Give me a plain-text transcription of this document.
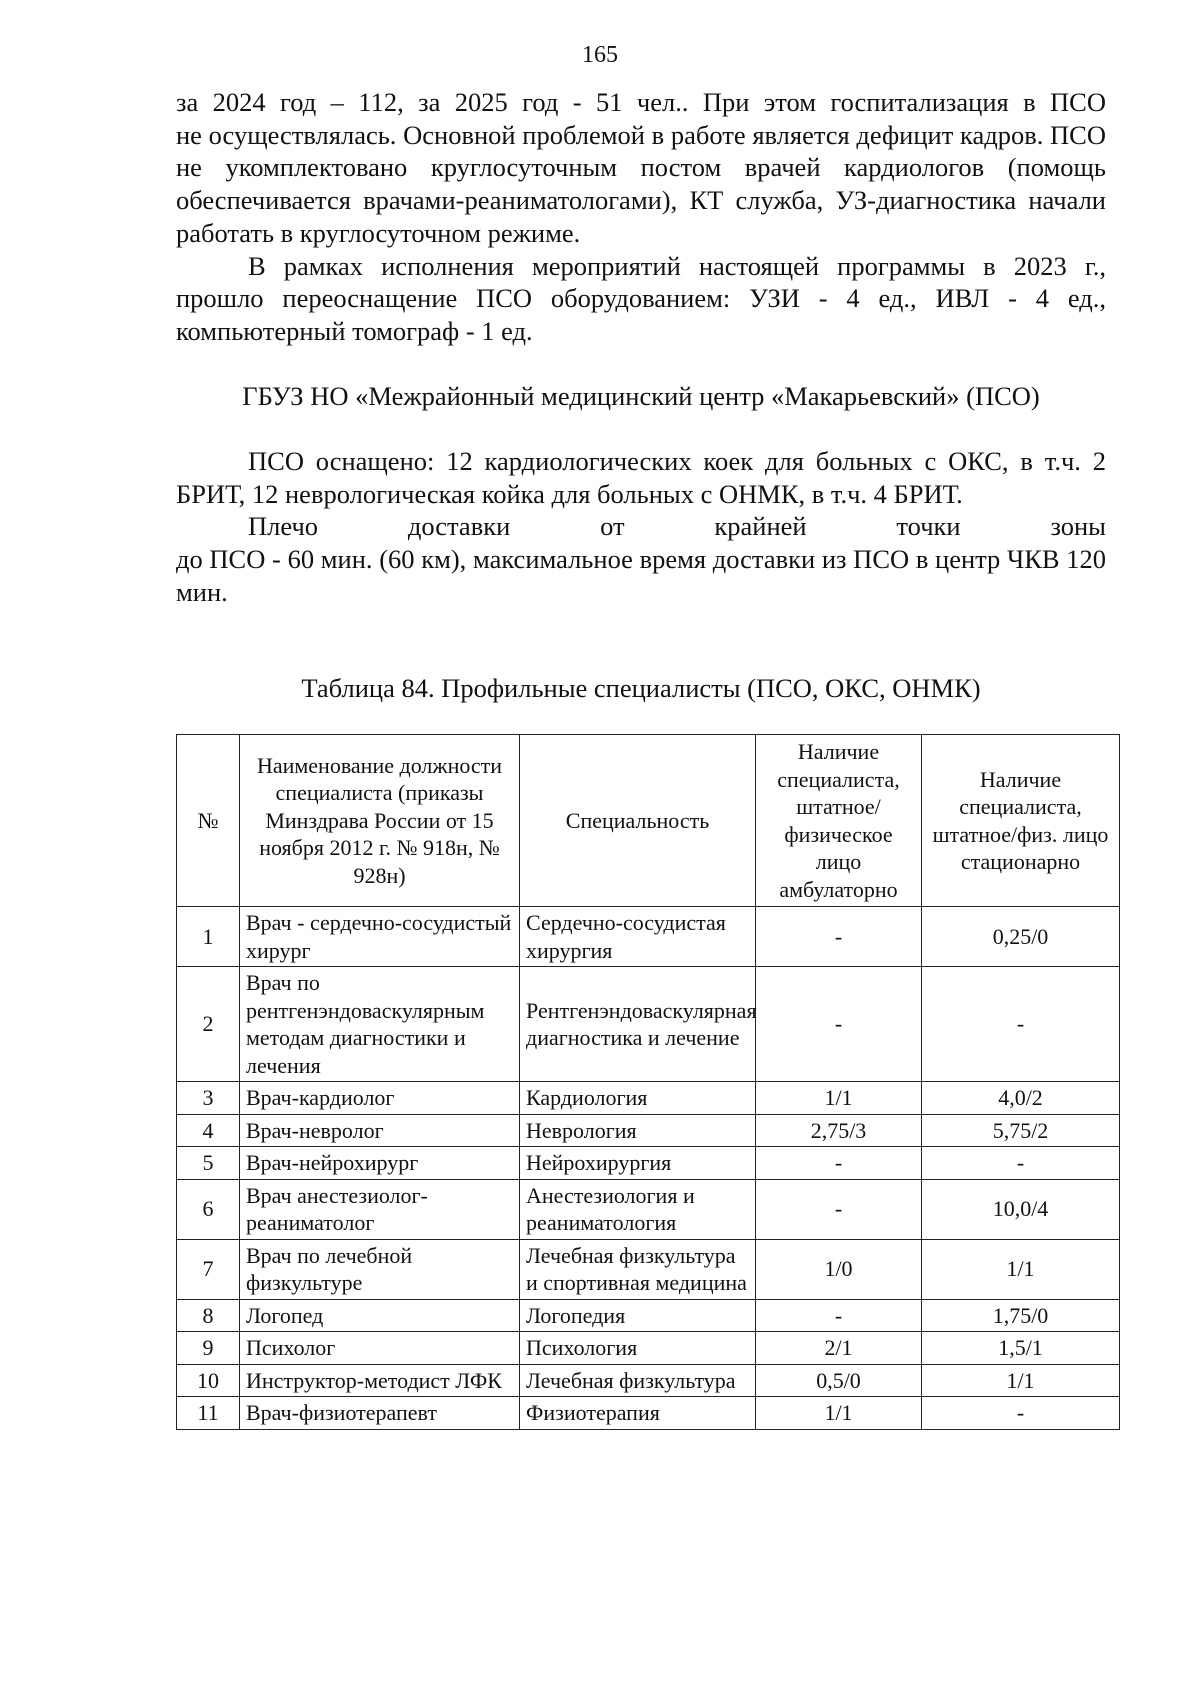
165

за 2024 год – 112, за 2025 год - 51 чел.. При этом госпитализация в ПСО

не осуществлялась. Основной проблемой в работе является дефицит кадров. ПСО не укомплектовано круглосуточным постом врачей кардиологов (помощь обеспечивается врачами-реаниматологами), КТ служба, УЗ-диагностика начали работать в круглосуточном режиме.

В рамках исполнения мероприятий настоящей программы в 2023 г., прошло переоснащение ПСО оборудованием: УЗИ - 4 ед., ИВЛ - 4 ед., компьютерный томограф - 1 ед.

ГБУЗ НО «Межрайонный медицинский центр «Макарьевский» (ПСО)

ПСО оснащено: 12 кардиологических коек для больных с ОКС, в т.ч. 2 БРИТ, 12 неврологическая койка для больных с ОНМК, в т.ч. 4 БРИТ.

Плечо доставки от крайней точки зоны

до ПСО - 60 мин. (60 км), максимальное время доставки из ПСО в центр ЧКВ 120 мин.

Таблица 84. Профильные специалисты (ПСО, ОКС, ОНМК)
№	Наименование должности специалиста (приказы Минздрава России от 15 ноября 2012 г. № 918н, № 928н)	Специальность	Наличие специалиста, штатное/физическое лицо амбулаторно	Наличие специалиста, штатное/физ. лицо стационарно
1	Врач - сердечно-сосудистый хирург	Сердечно-сосудистая хирургия	-	0,25/0
2	Врач по рентгенэндоваскулярным методам диагностики и лечения	Рентгенэндоваскулярная диагностика и лечение	-	-
3	Врач-кардиолог	Кардиология	1/1	4,0/2
4	Врач-невролог	Неврология	2,75/3	5,75/2
5	Врач-нейрохирург	Нейрохирургия	-	-
6	Врач анестезиолог-реаниматолог	Анестезиология и реаниматология	-	10,0/4
7	Врач по лечебной физкультуре	Лечебная физкультура и спортивная медицина	1/0	1/1
8	Логопед	Логопедия	-	1,75/0
9	Психолог	Психология	2/1	1,5/1
10	Инструктор-методист ЛФК	Лечебная физкультура	0,5/0	1/1
11	Врач-физиотерапевт	Физиотерапия	1/1	-
